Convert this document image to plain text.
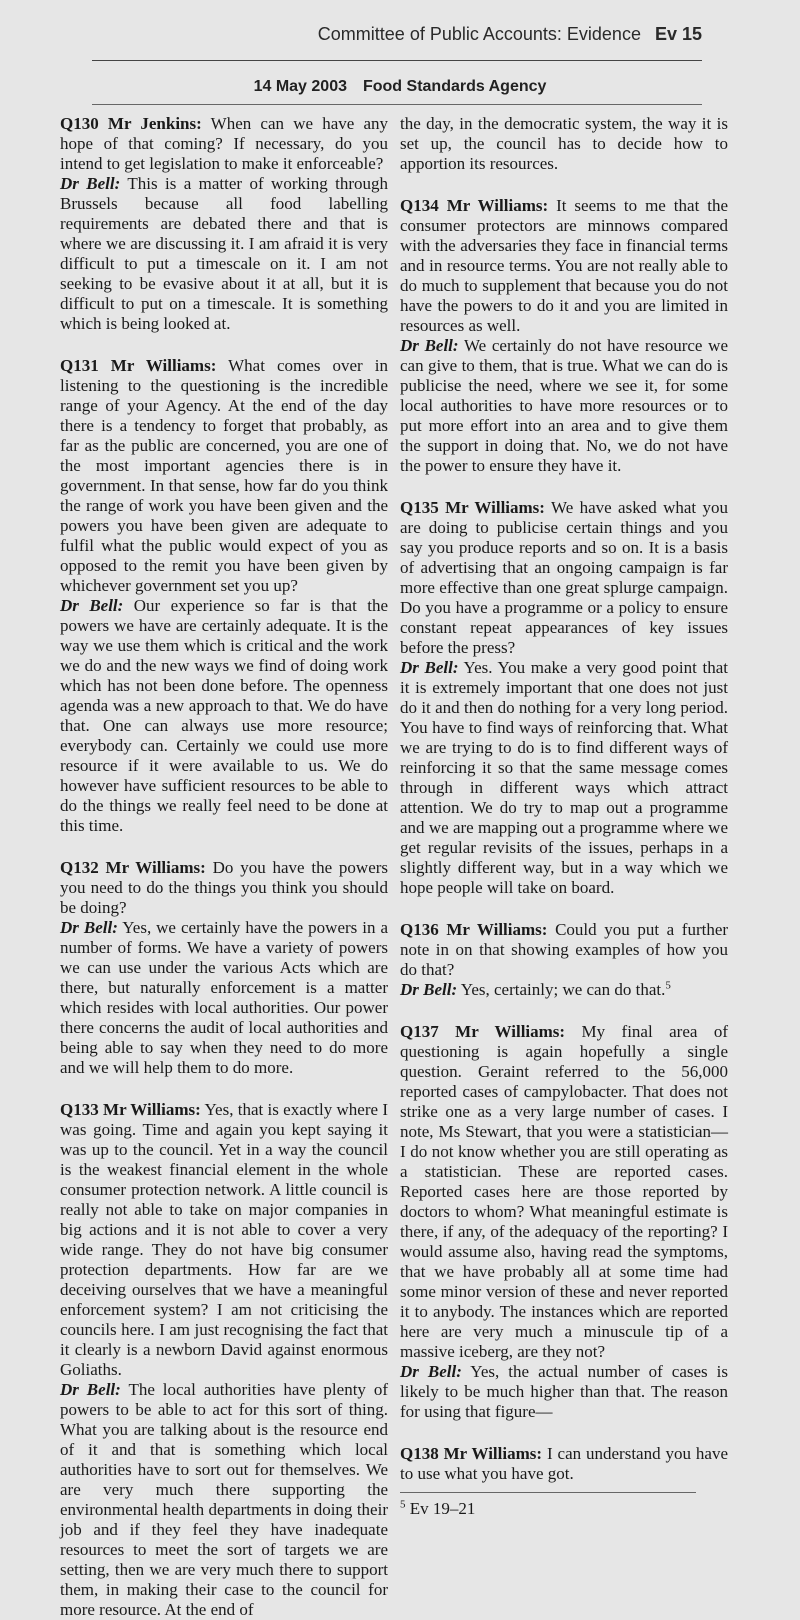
Committee of Public Accounts: Evidence Ev 15
14 May 2003 Food Standards Agency

Q130 Mr Jenkins: When can we have any hope of that coming? If necessary, do you intend to get legislation to make it enforceable?

Dr Bell: This is a matter of working through Brussels because all food labelling requirements are debated there and that is where we are discussing it. I am afraid it is very difficult to put a timescale on it. I am not seeking to be evasive about it at all, but it is difficult to put on a timescale. It is something which is being looked at.

Q131 Mr Williams: What comes over in listening to the questioning is the incredible range of your Agency. At the end of the day there is a tendency to forget that probably, as far as the public are concerned, you are one of the most important agencies there is in government. In that sense, how far do you think the range of work you have been given and the powers you have been given are adequate to fulfil what the public would expect of you as opposed to the remit you have been given by whichever government set you up?

Dr Bell: Our experience so far is that the powers we have are certainly adequate. It is the way we use them which is critical and the work we do and the new ways we find of doing work which has not been done before. The openness agenda was a new approach to that. We do have that. One can always use more resource; everybody can. Certainly we could use more resource if it were available to us. We do however have sufficient resources to be able to do the things we really feel need to be done at this time.

Q132 Mr Williams: Do you have the powers you need to do the things you think you should be doing?

Dr Bell: Yes, we certainly have the powers in a number of forms. We have a variety of powers we can use under the various Acts which are there, but naturally enforcement is a matter which resides with local authorities. Our power there concerns the audit of local authorities and being able to say when they need to do more and we will help them to do more.

Q133 Mr Williams: Yes, that is exactly where I was going. Time and again you kept saying it was up to the council. Yet in a way the council is the weakest financial element in the whole consumer protection network. A little council is really not able to take on major companies in big actions and it is not able to cover a very wide range. They do not have big consumer protection departments. How far are we deceiving ourselves that we have a meaningful enforcement system? I am not criticising the councils here. I am just recognising the fact that it clearly is a newborn David against enormous Goliaths.

Dr Bell: The local authorities have plenty of powers to be able to act for this sort of thing. What you are talking about is the resource end of it and that is something which local authorities have to sort out for themselves. We are very much there supporting the environmental health departments in doing their job and if they feel they have inadequate resources to meet the sort of targets we are setting, then we are very much there to support them, in making their case to the council for more resource. At the end of

the day, in the democratic system, the way it is set up, the council has to decide how to apportion its resources.

Q134 Mr Williams: It seems to me that the consumer protectors are minnows compared with the adversaries they face in financial terms and in resource terms. You are not really able to do much to supplement that because you do not have the powers to do it and you are limited in resources as well.

Dr Bell: We certainly do not have resource we can give to them, that is true. What we can do is publicise the need, where we see it, for some local authorities to have more resources or to put more effort into an area and to give them the support in doing that. No, we do not have the power to ensure they have it.

Q135 Mr Williams: We have asked what you are doing to publicise certain things and you say you produce reports and so on. It is a basis of advertising that an ongoing campaign is far more effective than one great splurge campaign. Do you have a programme or a policy to ensure constant repeat appearances of key issues before the press?

Dr Bell: Yes. You make a very good point that it is extremely important that one does not just do it and then do nothing for a very long period. You have to find ways of reinforcing that. What we are trying to do is to find different ways of reinforcing it so that the same message comes through in different ways which attract attention. We do try to map out a programme and we are mapping out a programme where we get regular revisits of the issues, perhaps in a slightly different way, but in a way which we hope people will take on board.

Q136 Mr Williams: Could you put a further note in on that showing examples of how you do that?

Dr Bell: Yes, certainly; we can do that.$^5$

Q137 Mr Williams: My final area of questioning is again hopefully a single question. Geraint referred to the 56,000 reported cases of campylobacter. That does not strike one as a very large number of cases. I note, Ms Stewart, that you were a statistician—I do not know whether you are still operating as a statistician. These are reported cases. Reported cases here are those reported by doctors to whom? What meaningful estimate is there, if any, of the adequacy of the reporting? I would assume also, having read the symptoms, that we have probably all at some time had some minor version of these and never reported it to anybody. The instances which are reported here are very much a minuscule tip of a massive iceberg, are they not?

Dr Bell: Yes, the actual number of cases is likely to be much higher than that. The reason for using that figure—

Q138 Mr Williams: I can understand you have to use what you have got.

$^5$ Ev 19–21
